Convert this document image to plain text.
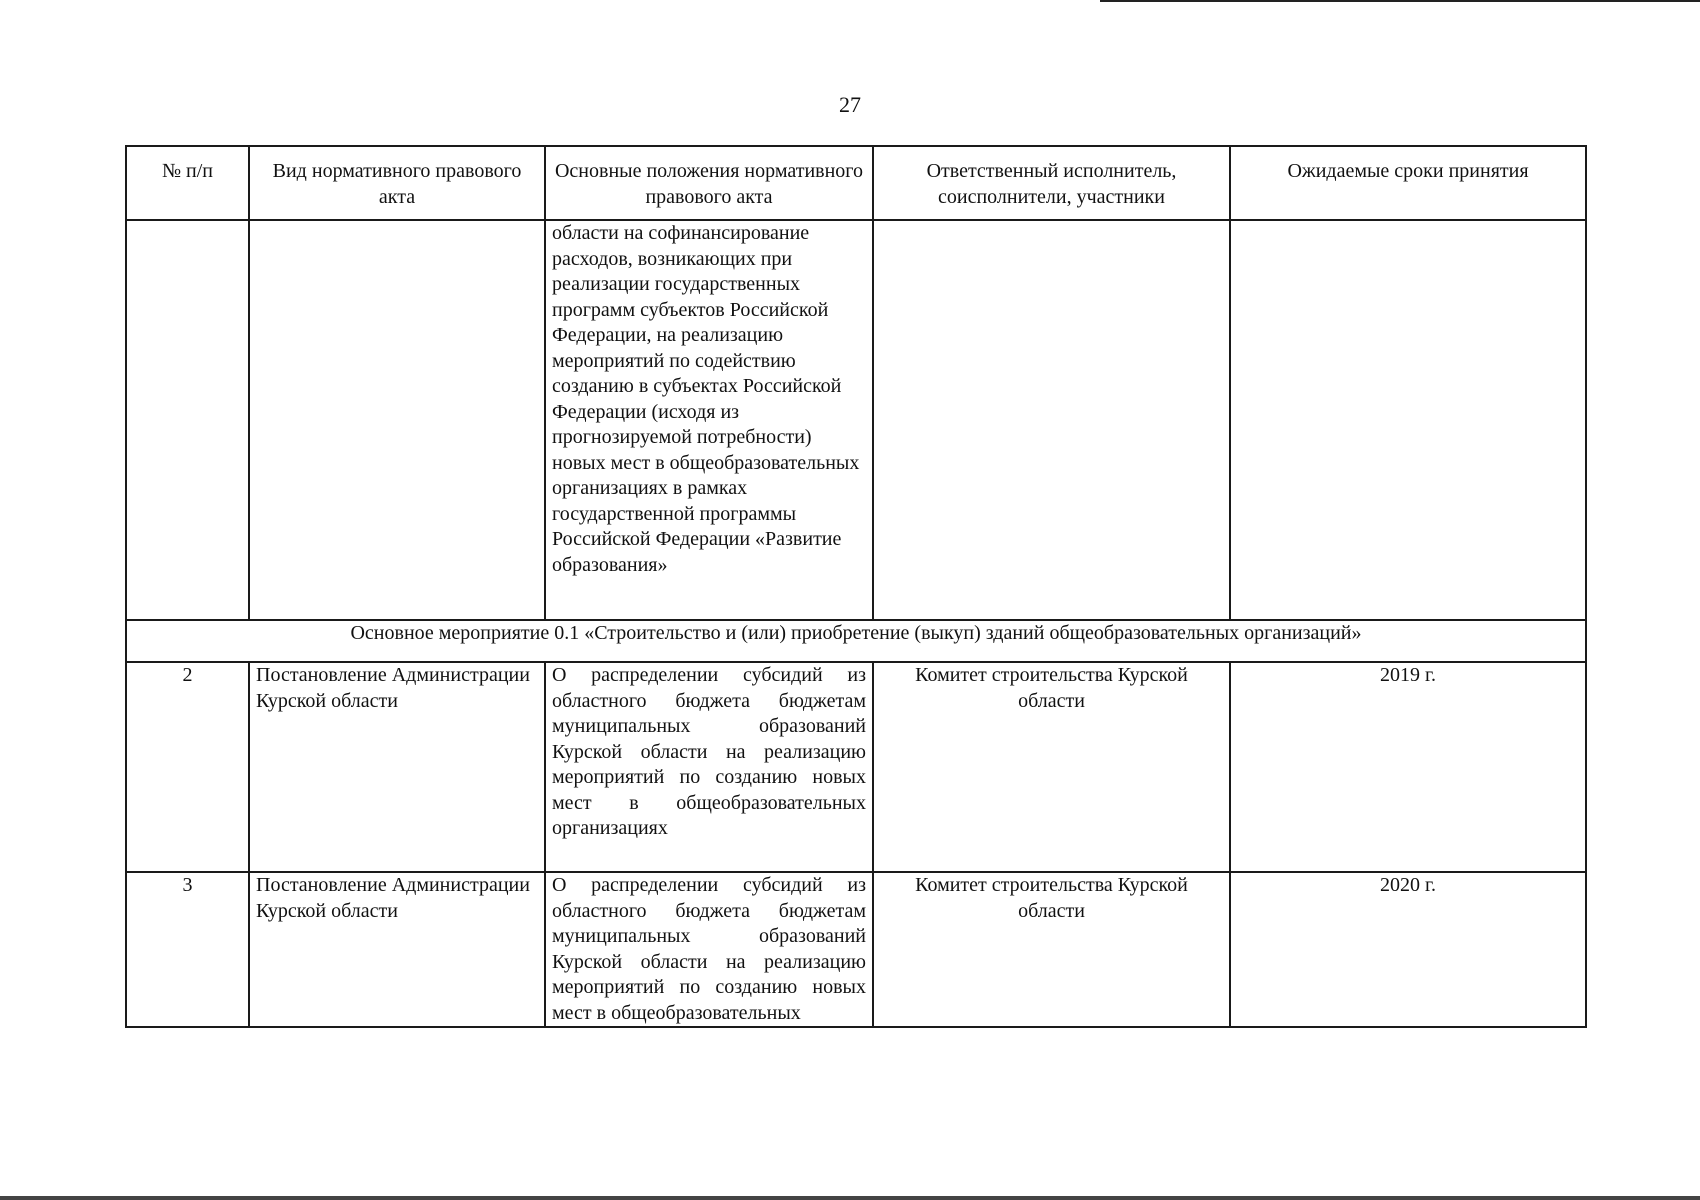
27
№ п/п	Вид нормативного правового акта	Основные положения нормативного правового акта	Ответственный исполнитель, соисполнители, участники	Ожидаемые сроки принятия
		области на софинансирование расходов, возникающих при реализации государственных программ субъектов Российской Федерации, на реализацию мероприятий по содействию созданию в субъектах Российской Федерации (исходя из прогнозируемой потребности) новых мест в общеобразовательных организациях в рамках государственной программы Российской Федерации «Развитие образования»		
Основное мероприятие 0.1 «Строительство и (или) приобретение (выкуп) зданий общеобразовательных организаций»				
2	Постановление Администрации Курской области	О распределении субсидий из областного бюджета бюджетам муниципальных образований Курской области на реализацию мероприятий по созданию новых мест в общеобразовательных организациях	Комитет строительства Курской области	2019 г.
3	Постановление Администрации Курской области	О распределении субсидий из областного бюджета бюджетам муниципальных образований Курской области на реализацию мероприятий по созданию новых мест в общеобразовательных	Комитет строительства Курской области	2020 г.
